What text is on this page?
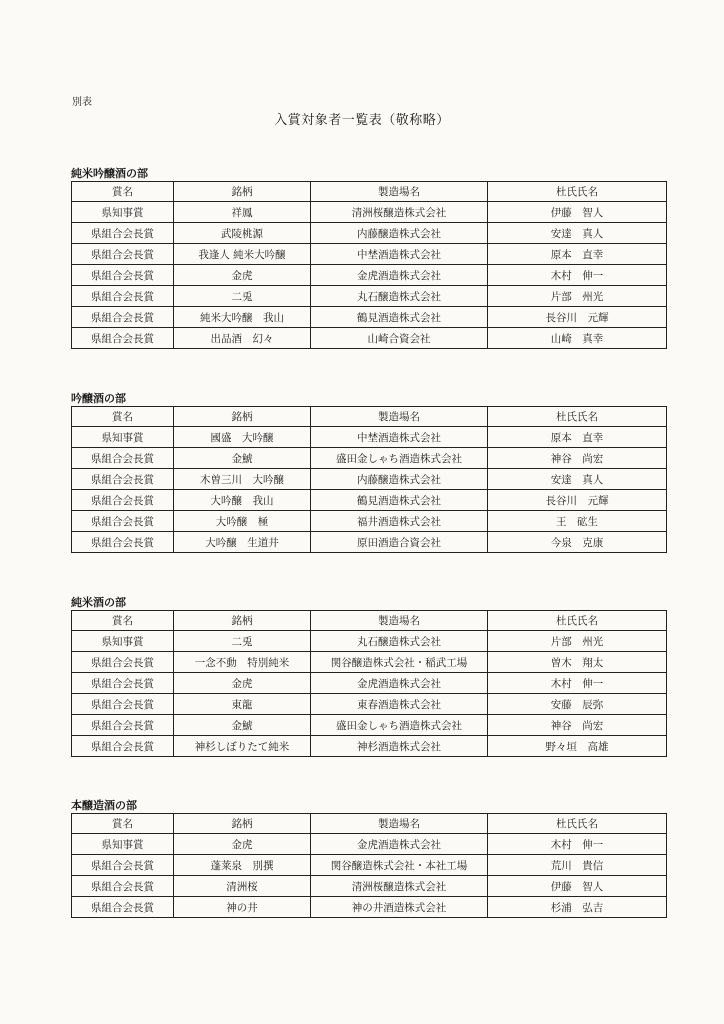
別表
入賞対象者一覧表（敬称略）
純米吟醸酒の部
賞名	銘柄	製造場名	杜氏氏名
県知事賞	祥鳳	清洲桜醸造株式会社	伊藤　智人
県組合会長賞	武陵桃源	内藤醸造株式会社	安達　真人
県組合会長賞	我逢人 純米大吟醸	中埜酒造株式会社	原本　直幸
県組合会長賞	金虎	金虎酒造株式会社	木村　伸一
県組合会長賞	二兎	丸石醸造株式会社	片部　州光
県組合会長賞	純米大吟醸　我山	鶴見酒造株式会社	長谷川　元輝
県組合会長賞	出品酒　幻々	山崎合資会社	山崎　真幸
吟醸酒の部
賞名	銘柄	製造場名	杜氏氏名
県知事賞	國盛　大吟醸	中埜酒造株式会社	原本　直幸
県組合会長賞	金鯱	盛田金しゃち酒造株式会社	神谷　尚宏
県組合会長賞	木曽三川　大吟醸	内藤醸造株式会社	安達　真人
県組合会長賞	大吟醸　我山	鶴見酒造株式会社	長谷川　元輝
県組合会長賞	大吟醸　極	福井酒造株式会社	王　砿生
県組合会長賞	大吟醸　生道井	原田酒造合資会社	今泉　克康
純米酒の部
賞名	銘柄	製造場名	杜氏氏名
県知事賞	二兎	丸石醸造株式会社	片部　州光
県組合会長賞	一念不動　特別純米	関谷醸造株式会社・稲武工場	曽木　翔太
県組合会長賞	金虎	金虎酒造株式会社	木村　伸一
県組合会長賞	東龍	東春酒造株式会社	安藤　辰弥
県組合会長賞	金鯱	盛田金しゃち酒造株式会社	神谷　尚宏
県組合会長賞	神杉しぼりたて純米	神杉酒造株式会社	野々垣　高雄
本醸造酒の部
賞名	銘柄	製造場名	杜氏氏名
県知事賞	金虎	金虎酒造株式会社	木村　伸一
県組合会長賞	蓬莱泉　別撰	関谷醸造株式会社・本社工場	荒川　貴信
県組合会長賞	清洲桜	清洲桜醸造株式会社	伊藤　智人
県組合会長賞	神の井	神の井酒造株式会社	杉浦　弘吉
